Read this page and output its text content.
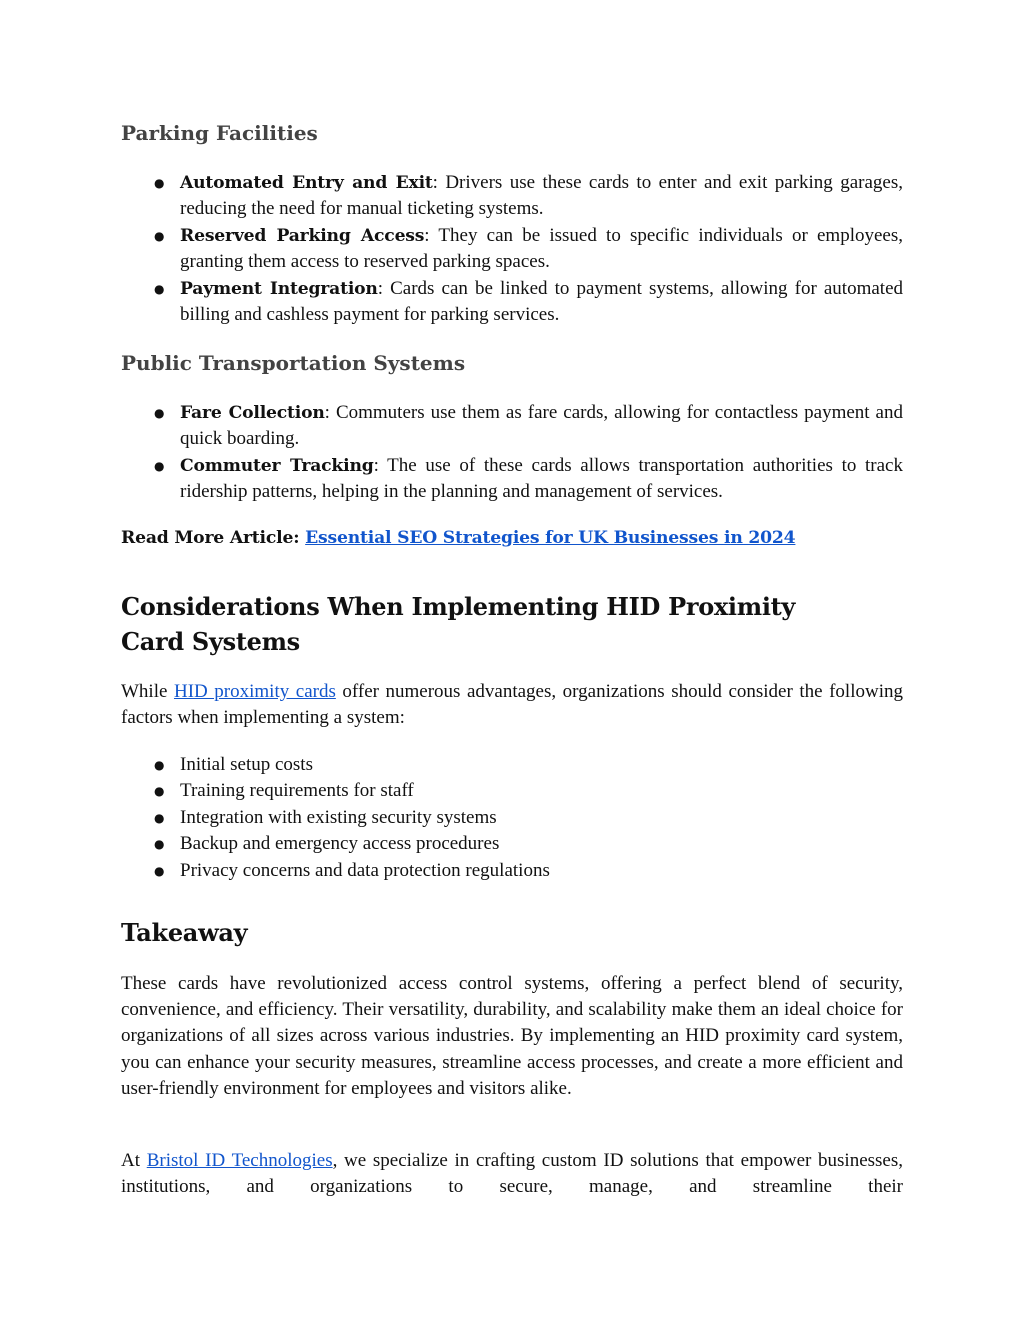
Parking Facilities
● Automated Entry and Exit: Drivers use these cards to enter and exit parking garages, reducing the need for manual ticketing systems.
● Reserved Parking Access: They can be issued to specific individuals or employees, granting them access to reserved parking spaces.
● Payment Integration: Cards can be linked to payment systems, allowing for automated billing and cashless payment for parking services.
Public Transportation Systems
● Fare Collection: Commuters use them as fare cards, allowing for contactless payment and quick boarding.
● Commuter Tracking: The use of these cards allows transportation authorities to track ridership patterns, helping in the planning and management of services.

Read More Article: Essential SEO Strategies for UK Businesses in 2024

Considerations When Implementing HID Proximity
Card Systems

While HID proximity cards offer numerous advantages, organizations should consider the following factors when implementing a system:

● Initial setup costs
● Training requirements for staff
● Integration with existing security systems
● Backup and emergency access procedures
● Privacy concerns and data protection regulations
Takeaway

These cards have revolutionized access control systems, offering a perfect blend of security, convenience, and efficiency. Their versatility, durability, and scalability make them an ideal choice for organizations of all sizes across various industries. By implementing an HID proximity card system, you can enhance your security measures, streamline access processes, and create a more efficient and user-friendly environment for employees and visitors alike.

At Bristol ID Technologies, we specialize in crafting custom ID solutions that empower businesses, institutions, and organizations to secure, manage, and streamline their
